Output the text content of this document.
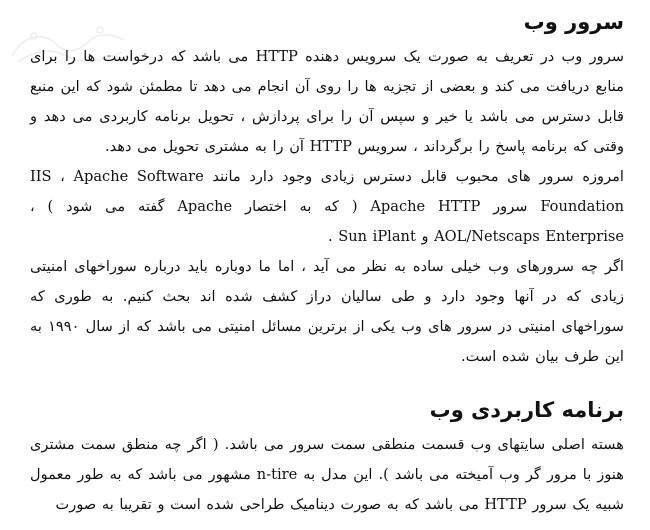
سرور وب

سرور وب در تعریف به صورت یک سرویس دهنده HTTP می باشد که درخواست ها را برای منابع دریافت می کند و بعضی از تجزیه ها را روی آن انجام می دهد تا مطمئن شود که این منبع قابل دسترس می باشد یا خیر و سپس آن را برای پردازش ، تحویل برنامه کاربردی می دهد و وقتی که برنامه پاسخ را برگرداند ، سرویس HTTP آن را به مشتری تحویل می دهد.

امروزه سرور های محبوب قابل دسترس زیادی وجود دارد مانند IIS ، Apache Software Foundation سرور Apache HTTP ( که به اختصار Apache گفته می شود ) ، AOL/Netscaps Enterprise و Sun iPlant .

اگر چه سرورهای وب خیلی ساده به نظر می آید ، اما ما دوباره باید درباره سوراخهای امنیتی زیادی که در آنها وجود دارد و طی سالیان دراز کشف شده اند بحث کنیم. به طوری که سوراخهای امنیتی در سرور های وب یکی از برترین مسائل امنیتی می باشد که از سال ۱۹۹۰ به این طرف بیان شده است.

برنامه کاربردی وب

هسته اصلی سایتهای وب قسمت منطقی سمت سرور می باشد. ( اگر چه منطق سمت مشتری هنوز با مرور گر وب آمیخته می باشد ). این مدل به n-tire مشهور می باشد که به طور معمول شبیه یک سرور HTTP می باشد که به صورت دینامیک طراحی شده است و تقریبا به صورت
